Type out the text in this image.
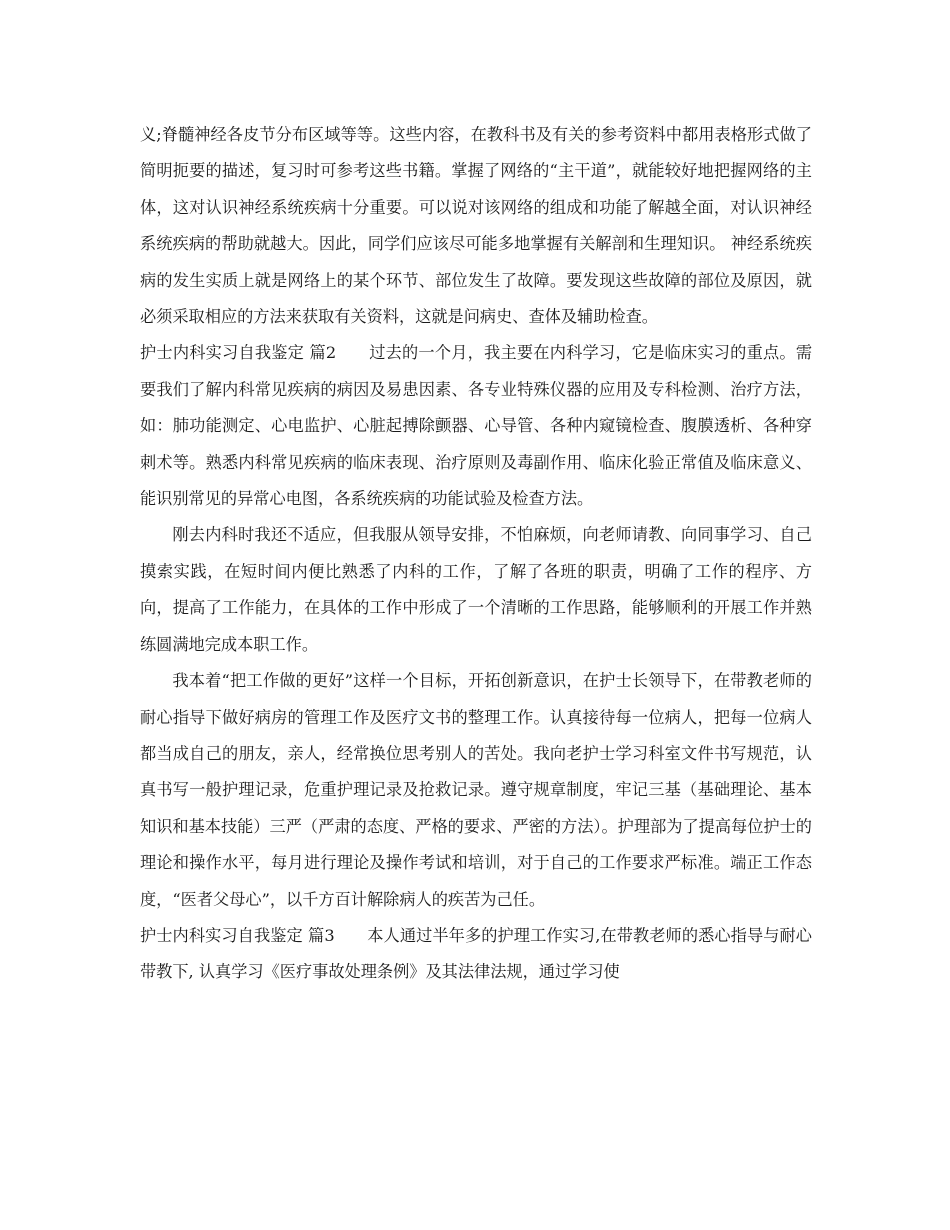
义;脊髓神经各皮节分布区域等等。这些内容，在教科书及有关的参考资料中都用表格形式做了简明扼要的描述，复习时可参考这些书籍。掌握了网络的“主干道”，就能较好地把握网络的主体，这对认识神经系统疾病十分重要。可以说对该网络的组成和功能了解越全面，对认识神经系统疾病的帮助就越大。因此，同学们应该尽可能多地掌握有关解剖和生理知识。 神经系统疾病的发生实质上就是网络上的某个环节、部位发生了故障。要发现这些故障的部位及原因，就必须采取相应的方法来获取有关资料，这就是问病史、查体及辅助检查。

护士内科实习自我鉴定 篇2　　 过去的一个月，我主要在内科学习，它是临床实习的重点。需要我们了解内科常见疾病的病因及易患因素、各专业特殊仪器的应用及专科检测、治疗方法，如：肺功能测定、心电监护、心脏起搏除颤器、心导管、各种内窥镜检查、腹膜透析、各种穿刺术等。熟悉内科常见疾病的临床表现、治疗原则及毒副作用、临床化验正常值及临床意义、能识别常见的异常心电图，各系统疾病的功能试验及检查方法。

刚去内科时我还不适应，但我服从领导安排，不怕麻烦，向老师请教、向同事学习、自己摸索实践，在短时间内便比熟悉了内科的工作，了解了各班的职责，明确了工作的程序、方向，提高了工作能力，在具体的工作中形成了一个清晰的工作思路，能够顺利的开展工作并熟练圆满地完成本职工作。

我本着“把工作做的更好”这样一个目标，开拓创新意识，在护士长领导下，在带教老师的耐心指导下做好病房的管理工作及医疗文书的整理工作。认真接待每一位病人，把每一位病人都当成自己的朋友，亲人，经常换位思考别人的苦处。我向老护士学习科室文件书写规范，认真书写一般护理记录，危重护理记录及抢救记录。遵守规章制度，牢记三基（基础理论、基本知识和基本技能）三严（严肃的态度、严格的要求、严密的方法）。护理部为了提高每位护士的理论和操作水平，每月进行理论及操作考试和培训，对于自己的工作要求严标准。端正工作态度，“医者父母心”，以千方百计解除病人的疾苦为己任。

护士内科实习自我鉴定 篇3　　 本人通过半年多的护理工作实习,在带教老师的悉心指导与耐心带教下, 认真学习《医疗事故处理条例》及其法律法规，通过学习使
